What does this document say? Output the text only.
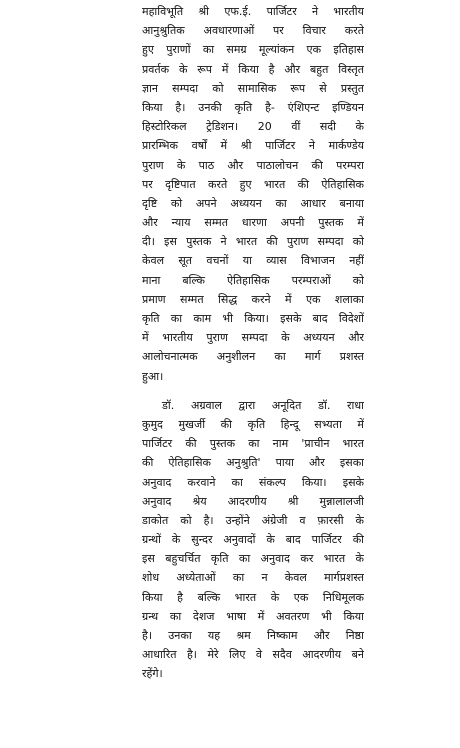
महाविभूति श्री एफ.ई. पार्जिटर ने भारतीय
आनुश्रुतिक अवधारणाओं पर विचार करते
हुए पुराणों का समग्र मूल्यांकन एक इतिहास
प्रवर्तक के रूप में किया है और बहुत विस्तृत
ज्ञान सम्पदा को सामासिक रूप से प्रस्तुत
किया है। उनकी कृति है- एंशिएन्ट इण्डियन
हिस्टोरिकल ट्रेडिशन। 20 वीं सदी के
प्रारम्भिक वर्षों में श्री पार्जिटर ने मार्कण्डेय
पुराण के पाठ और पाठालोचन की परम्परा
पर दृष्टिपात करते हुए भारत की ऐतिहासिक
दृष्टि को अपने अध्ययन का आधार बनाया
और न्याय सम्मत धारणा अपनी पुस्तक में
दी। इस पुस्तक ने भारत की पुराण सम्पदा को
केवल सूत वचनों या व्यास विभाजन नहीं
माना बल्कि ऐतिहासिक परम्पराओं को
प्रमाण सम्मत सिद्ध करने में एक शलाका
कृति का काम भी किया। इसके बाद विदेशों
में भारतीय पुराण सम्पदा के अध्ययन और
आलोचनात्मक अनुशीलन का मार्ग प्रशस्त
हुआ।
डॉ. अग्रवाल द्वारा अनूदित डॉ. राधा
कुमुद मुखर्जी की कृति हिन्दू सभ्यता में
पार्जिटर की पुस्तक का नाम 'प्राचीन भारत
की ऐतिहासिक अनुश्रुति' पाया और इसका
अनुवाद करवाने का संकल्प किया। इसके
अनुवाद श्रेय आदरणीय श्री मुन्नालालजी
डाकोत को है। उन्होंने अंग्रेजी व फ़ारसी के
ग्रन्थों के सुन्दर अनुवादों के बाद पार्जिटर की
इस बहुचर्चित कृति का अनुवाद कर भारत के
शोध अध्येताओं का न केवल मार्गप्रशस्त
किया है बल्कि भारत के एक निधिमूलक
ग्रन्थ का देशज भाषा में अवतरण भी किया
है। उनका यह श्रम निष्काम और निष्ठा
आधारित है। मेरे लिए वे सदैव आदरणीय बने
रहेंगे।
